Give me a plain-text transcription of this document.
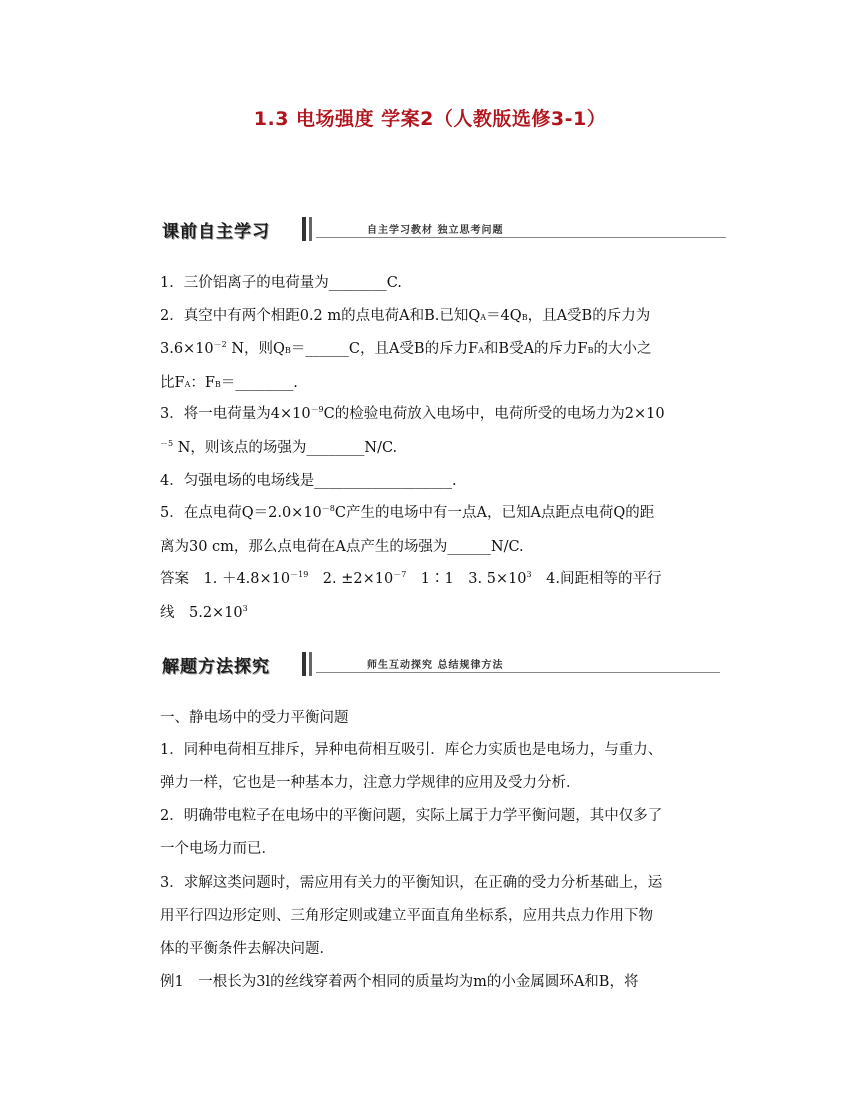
1.3 电场强度 学案2（人教版选修3-1）
课前自主学习	自主学习教材 独立思考问题
1．三价铝离子的电荷量为________C.
2．真空中有两个相距0.2 m的点电荷A和B.已知$Q_A=4Q_B$，且A受B的斥力为
$3.6\times 10^{-2}$ N，则$Q_B=\_\_\_\_\_\_C$，且A受B的斥力$F_A$和B受A的斥力$F_B$的大小之
比$F_A$：$F_B=\_\_\_\_\_\_\_\_$.
3．将一电荷量为$4\times 10^{-9}C$的检验电荷放入电场中，电荷所受的电场力为2×10
$^{-5}$ N，则该点的场强为________N/C.
4．匀强电场的电场线是___________________.
5．在点电荷$Q=2.0\times 10^{-8}C$产生的电场中有一点A，已知A点距点电荷Q的距
离为30 cm，那么点电荷在A点产生的场强为______N/C.
答案　1. $+4.8\times 10^{-19}$　2. $\pm 2\times 10^{-7}$　1∶1　3. $5\times 10^3$　4.间距相等的平行
线　$5.2\times 10^3$
解题方法探究	师生互动探究 总结规律方法
一、静电场中的受力平衡问题
1．同种电荷相互排斥，异种电荷相互吸引．库仑力实质也是电场力，与重力、
弹力一样，它也是一种基本力，注意力学规律的应用及受力分析．
2．明确带电粒子在电场中的平衡问题，实际上属于力学平衡问题，其中仅多了
一个电场力而已．
3．求解这类问题时，需应用有关力的平衡知识，在正确的受力分析基础上，运
用平行四边形定则、三角形定则或建立平面直角坐标系，应用共点力作用下物
体的平衡条件去解决问题．
例1　一根长为3l的丝线穿着两个相同的质量均为m的小金属圆环A和B，将
